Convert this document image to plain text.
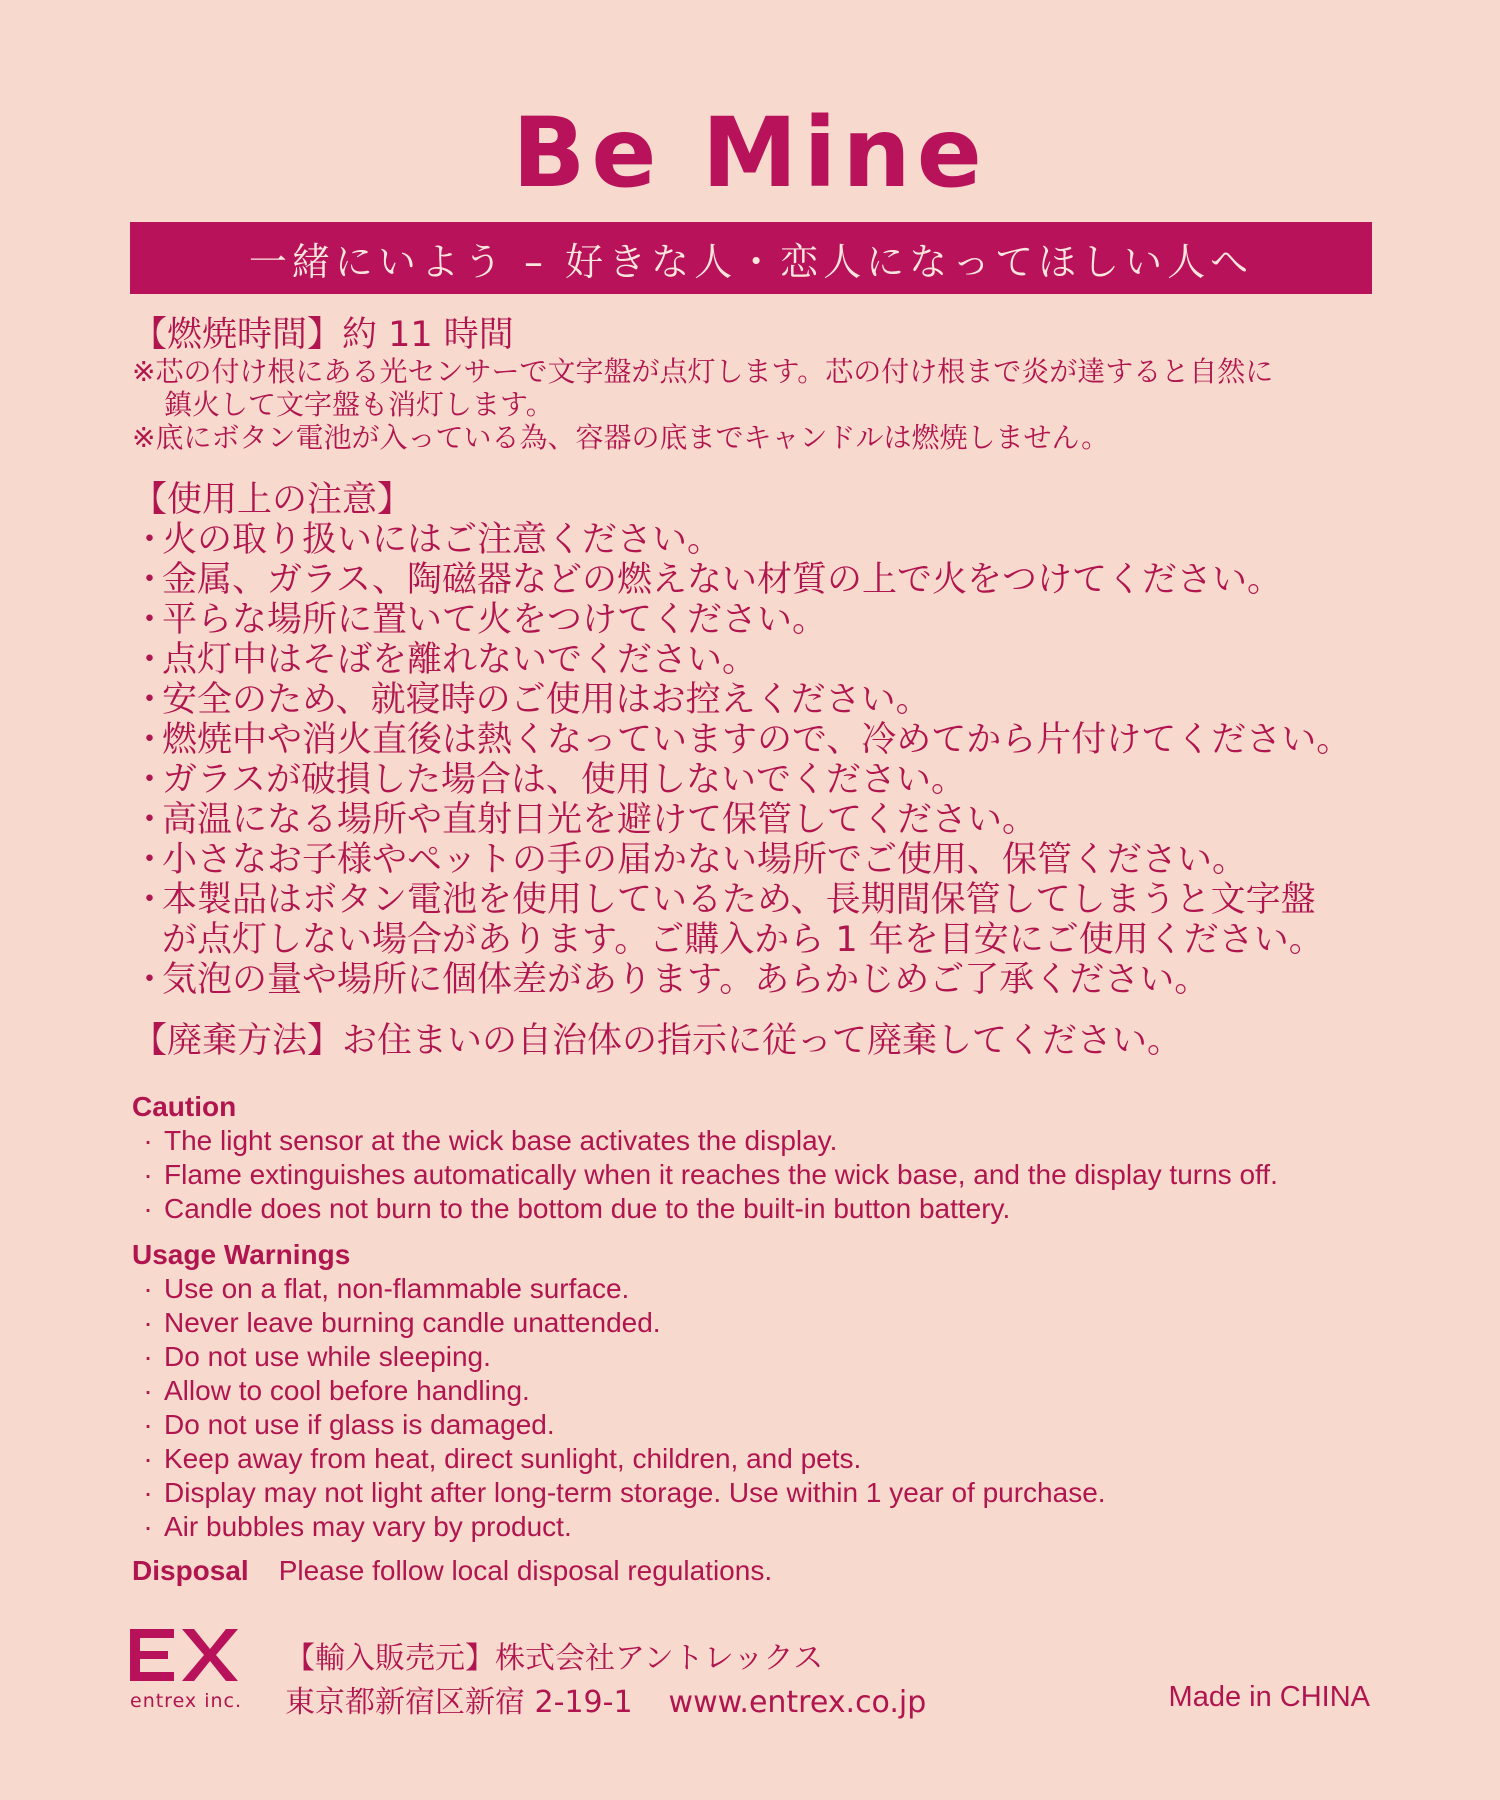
Be Mine
一緒にいよう – 好きな人・恋人になってほしい人へ
【燃焼時間】約 11 時間
※芯の付け根にある光センサーで文字盤が点灯します。芯の付け根まで炎が達すると自然に
鎮火して文字盤も消灯します。
※底にボタン電池が入っている為、容器の底までキャンドルは燃焼しません。
【使用上の注意】
・火の取り扱いにはご注意ください。
・金属、ガラス、陶磁器などの燃えない材質の上で火をつけてください。
・平らな場所に置いて火をつけてください。
・点灯中はそばを離れないでください。
・安全のため、就寝時のご使用はお控えください。
・燃焼中や消火直後は熱くなっていますので、冷めてから片付けてください。
・ガラスが破損した場合は、使用しないでください。
・高温になる場所や直射日光を避けて保管してください。
・小さなお子様やペットの手の届かない場所でご使用、保管ください。
・本製品はボタン電池を使用しているため、長期間保管してしまうと文字盤
が点灯しない場合があります。ご購入から 1 年を目安にご使用ください。
・気泡の量や場所に個体差があります。あらかじめご了承ください。
【廃棄方法】お住まいの自治体の指示に従って廃棄してください。
Caution
· The light sensor at the wick base activates the display.
· Flame extinguishes automatically when it reaches the wick base, and the display turns off.
· Candle does not burn to the bottom due to the built-in button battery.
Usage Warnings
· Use on a flat, non-flammable surface.
· Never leave burning candle unattended.
· Do not use while sleeping.
· Allow to cool before handling.
· Do not use if glass is damaged.
· Keep away from heat, direct sunlight, children, and pets.
· Display may not light after long-term storage. Use within 1 year of purchase.
· Air bubbles may vary by product.
Disposal Please follow local disposal regulations.
entrex inc.
【輸入販売元】株式会社アントレックス
東京都新宿区新宿 2-19-1 www.entrex.co.jp	Made in CHINA
